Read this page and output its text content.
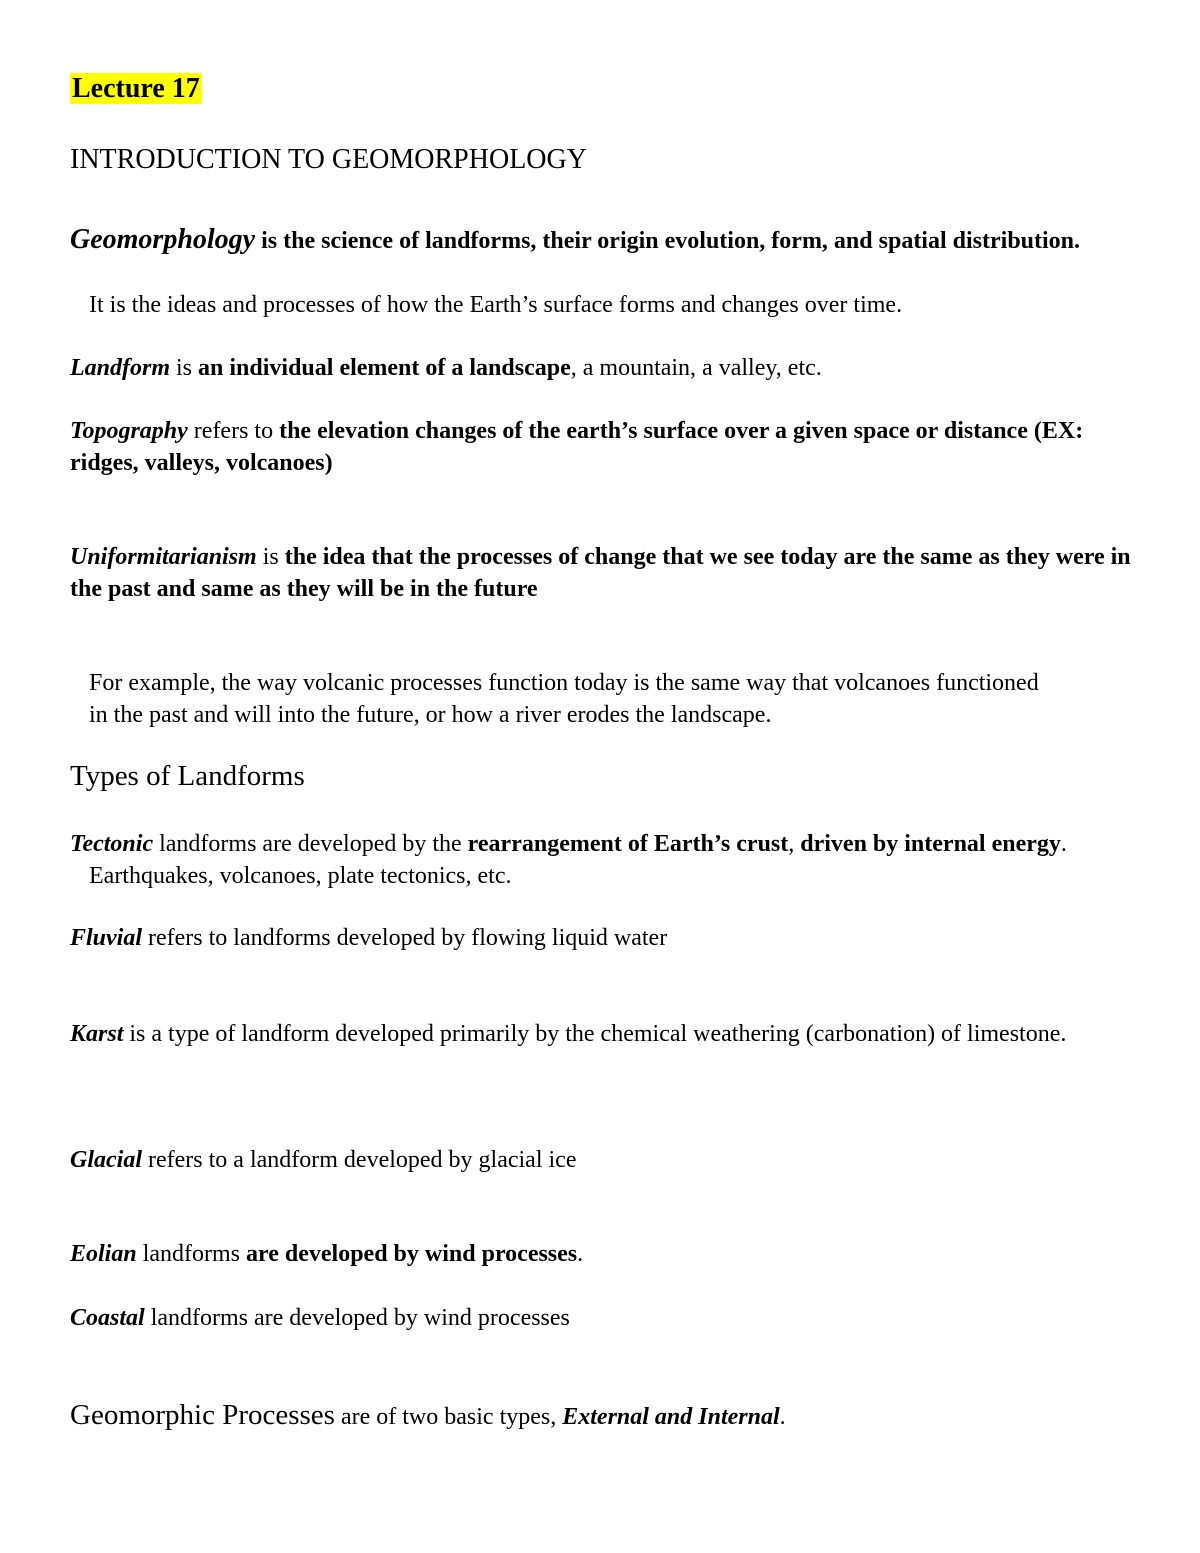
Lecture 17
INTRODUCTION TO GEOMORPHOLOGY
Geomorphology is the science of landforms, their origin evolution, form, and spatial distribution.
It is the ideas and processes of how the Earth’s surface forms and changes over time.
Landform is an individual element of a landscape, a mountain, a valley, etc.
Topography refers to the elevation changes of the earth’s surface over a given space or distance (EX: ridges, valleys, volcanoes)
Uniformitarianism is the idea that the processes of change that we see today are the same as they were in the past and same as they will be in the future
For example, the way volcanic processes function today is the same way that volcanoes functioned in the past and will into the future, or how a river erodes the landscape.
Types of Landforms
Tectonic landforms are developed by the rearrangement of Earth’s crust, driven by internal energy. Earthquakes, volcanoes, plate tectonics, etc.
Fluvial refers to landforms developed by flowing liquid water
Karst is a type of landform developed primarily by the chemical weathering (carbonation) of limestone.
Glacial refers to a landform developed by glacial ice
Eolian landforms are developed by wind processes.
Coastal landforms are developed by wind processes
Geomorphic Processes are of two basic types, External and Internal.
